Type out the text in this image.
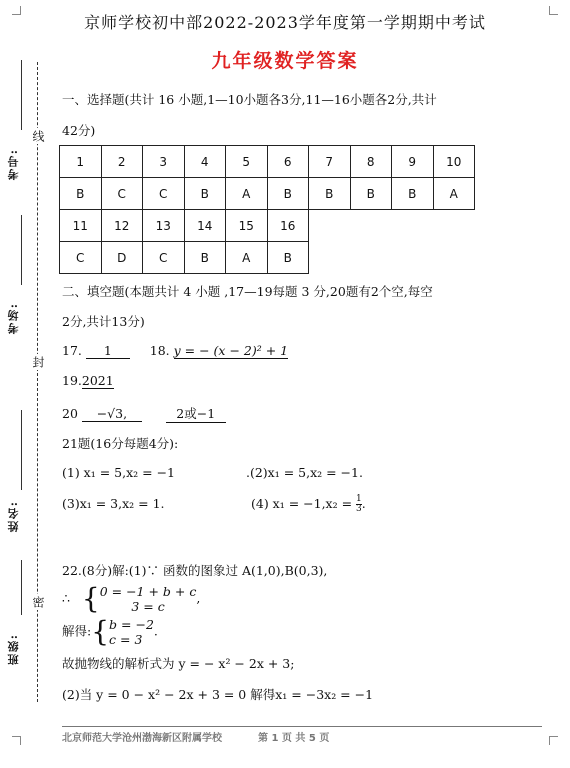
考号:
考场:
姓名:
班级:
线
封
密
京师学校初中部2022-2023学年度第一学期期中考试
九年级数学答案
一、选择题(共计 16 小题,1—10小题各3分,11—16小题各2分,共计
42分)
1	2	3	4	5	6	7	8	9	10
B	C	C	B	A	B	B	B	B	A
11	12	13	14	15	16
C	D	C	B	A	B
二、填空题(本题共计 4 小题 ,17—19每题 3 分,20题有2个空,每空
2分,共计13分)
17. 1	18. y = − (x − 2)² + 1
19.2021
20 −√3,	2或−1
21题(16分每题4分):
(1) x₁ = 5,x₂ = −1	.(2)x₁ = 5,x₂ = −1.
(3)x₁ = 3,x₂ = 1.	(4) $x_1 = -1,x_2 = \frac{1}{3}$ .
22.(8分)解:(1)∵ 函数的图象过 A(1,0),B(0,3),
∴ { 0 = −1 + b + c
3 = c
,
解得:{ b = −2
c = 3
.
故抛物线的解析式为 y = − x² − 2x + 3;
(2)当 y = 0 − x² − 2x + 3 = 0 解得x₁ = −3x₂ = −1
北京师范大学沧州渤海新区附属学校	第 1 页 共 5 页
